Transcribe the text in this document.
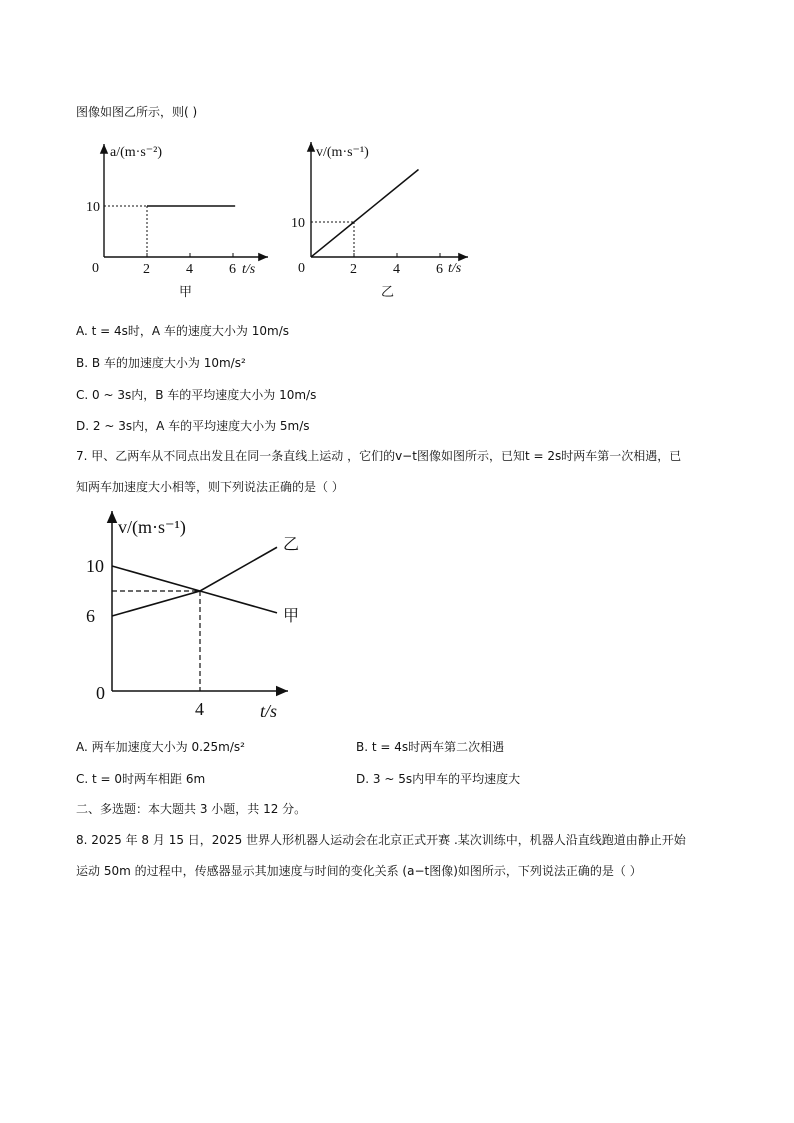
图像如图乙所示，则( )
a/(m·s⁻²)
t/s
0	2	4	6
10
甲
v/(m·s⁻¹)
t/s
0	2	4	6
10
乙
A. t = 4s时，A 车的速度大小为 10m/s
B. B 车的加速度大小为 10m/s²
C. 0 ~ 3s内，B 车的平均速度大小为 10m/s
D. 2 ~ 3s内，A 车的平均速度大小为 5m/s
7. 甲、乙两车从不同点出发且在同一条直线上运动 ，它们的v−t图像如图所示，已知t = 2s时两车第一次相遇，已
知两车加速度大小相等，则下列说法正确的是（ ）
v/(m·s⁻¹)
t/s
0
4
10
6	甲
乙
A. 两车加速度大小为 0.25m/s²	B. t = 4s时两车第二次相遇
C. t = 0时两车相距 6m	D. 3 ~ 5s内甲车的平均速度大
二、多选题：本大题共 3 小题，共 12 分。
8. 2025 年 8 月 15 日，2025 世界人形机器人运动会在北京正式开赛 .某次训练中，机器人沿直线跑道由静止开始
运动 50m 的过程中，传感器显示其加速度与时间的变化关系 (a−t图像)如图所示，下列说法正确的是（ ）
